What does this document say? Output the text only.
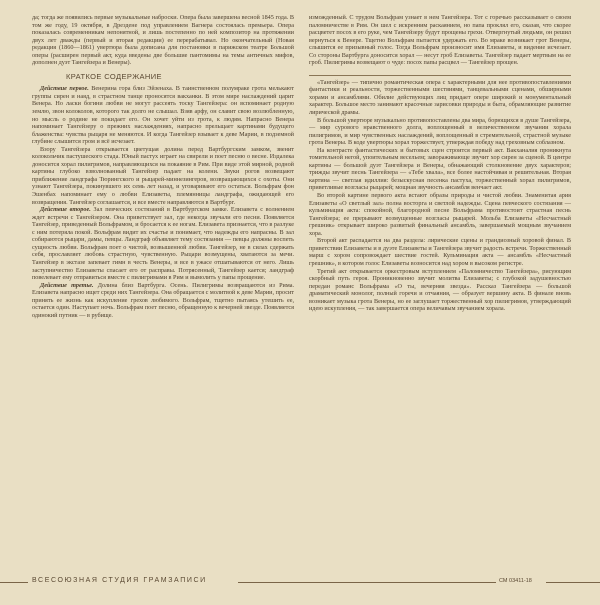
да; тогда же появились первые музыкальные наброски. Опера была завершена весной 1845 года. В том же году, 19 октября, в Дрездене под управлением Вагнера состоялась премьера. Опера показалась современникам непонятной, и лишь постепенно по ней композитор на протяжении двух лет дважды (первый и вторая редакции) ее перерабатывал. Но окончательный (Новая редакция (1860—1861) увертюра была дописана для постановки в парижском театре Большой оперы (расширен первый акт, куда введены две большие пантомимы на темы античных мифов, дополнен дуэт Тангейзера и Венеры).

КРАТКОЕ СОДЕРЖАНИЕ

Действие первое. Венерина гора близ Эйзенаха. В таинственном полумраке грота мелькают группы сирен и наяд, в страстном танце проносятся вакханки. В этом мире наслаждений царит Венера. Но ласки богини любви не могут рассеять тоску Тангейзера: он вспоминает родную землю, звон колоколов, которого так долго не слышал. Взяв арфу, он славит свою возлюбленную, но мысль о родине не покидает его. Он хочет уйти из грота, к людям. Напрасно Венера напоминает Тангейзеру о прежних наслаждениях, напрасно прельщает картинами будущего блаженства: чувства рыцаря не меняются. И когда Тангейзер взывает к деве Марии, в подземной глубине слышится гром и всё исчезает.

Взору Тангейзера открывается цветущая долина перед Вартбургским замком, звенит колокольчик пастушеского стада. Юный пастух играет на свирели и поет песню о весне. Издалека доносится хорал пилигримов, направляющихся на покаяние в Рим. При виде этой мирной, родной картины глубоко взволнованный Тангейзер падает на колени. Звуки рогов возвещают приближение ландграфа Тюрингского и рыцарей-миннезингеров, возвращающихся с охоты. Они узнают Тангейзера, покинувшего их семь лет назад, и уговаривают его остаться. Вольфрам фон Эшенбах напоминает ему о любви Елизаветы, племянницы ландграфа, ожидающей его возвращения. Тангейзер соглашается, и все вместе направляются в Вартбург.

Действие второе. Зал певческих состязаний в Вартбургском замке. Елизавета с волнением ждет встречи с Тангейзером. Она приветствует зал, где некогда звучали его песни. Появляется Тангейзер, приведенный Вольфрамом, и бросается к ее ногам. Елизавета признается, что в разлуке с ним потеряла покой. Вольфрам видит их счастье и понимает, что надежды его напрасны. В зал собираются рыцари, дамы, певцы. Ландграф объявляет тему состязания — певцы должны воспеть сущность любви. Вольфрам поет о чистой, возвышенной любви. Тангейзер, не в силах сдержать себя, прославляет любовь страстную, чувственную. Рыцари возмущены, хватаются за мечи. Тангейзер в экстазе запевает гимн в честь Венеры, и все в ужасе отшатываются от него. Лишь заступничество Елизаветы спасает его от расправы. Потрясенный, Тангейзер кается; ландграф повелевает ему отправиться вместе с пилигримами в Рим и вымолить у папы прощение.

Действие третье. Долина близ Вартбурга. Осень. Пилигримы возвращаются из Рима. Елизавета напрасно ищет среди них Тангейзера. Она обращается с молитвой к деве Марии, просит принять ее жизнь как искупление грехов любимого. Вольфрам, тщетно пытаясь утешить ее, остается один. Наступает ночь. Вольфрам поет песню, обращенную к вечерней звезде. Появляется одинокий путник — в рубище.

изможденный. С трудом Вольфрам узнает в нем Тангейзера. Тот с горечью рассказывает о своем паломничестве в Рим. Он шел с искренним раскаянием, но папа проклял его, сказав, что скорее расцветет посох в его руке, чем Тангейзеру будут прощены грехи. Отвергнутый людьми, он решил вернуться к Венере. Тщетно Вольфрам пытается удержать его. Во мраке возникает грот Венеры, слышится ее призывный голос. Тогда Вольфрам произносит имя Елизаветы, и видение исчезает. Со стороны Вартбурга доносится хорал — несут гроб Елизаветы. Тангейзер падает мертвым на ее гроб. Пилигримы возвещают о чуде: посох папы расцвел — Тангейзер прощен.

«Тангейзер» — типично романтическая опера с характерными для нее противопоставлениями фантастики и реальности, торжественными шествиями, танцевальными сценами, обширными хорами и ансамблями. Обилие действующих лиц придает опере широкий и монументальный характер. Большое место занимают красочные зарисовки природы и быта, обрамляющие развитие лирической драмы.

В большой увертюре музыкально противопоставлены два мира, борющихся в душе Тангейзера, — мир сурового нравственного долга, воплощенный в величественном звучании хорала пилигримов, и мир чувственных наслаждений, воплощенный в стремительной, страстной музыке грота Венеры. В коде увертюры хорал торжествует, утверждая победу над греховным соблазном.

На контрасте фантастических и бытовых сцен строится первый акт. Вакханалия проникнута томительной негой, упоительным весельем; завораживающе звучит хор сирен за сценой. В центре картины — большой дуэт Тангейзера и Венеры, обнажающий столкновение двух характеров; трижды звучит песнь Тангейзера — «Тебе хвала», все более настойчивая и решительная. Вторая картина — светлая идиллия: безыскусная песенка пастуха, торжественный хорал пилигримов, приветливые возгласы рыцарей; мощная звучность ансамбля венчает акт.

Во второй картине первого акта встают образы природы и чистой любви. Знаменитая ария Елизаветы «О светлый зал» полна восторга и светлой надежды. Сцена певческого состязания — кульминация акта: спокойной, благородной песне Вольфрама противостоит страстная песнь Тангейзера; ее прерывают возмущенные возгласы рыцарей. Мольба Елизаветы «Несчастный грешник» открывает широко развитый финальный ансамбль, завершаемый мощным звучанием хора.

Второй акт распадается на два раздела: лирические сцены и грандиозный хоровой финал. В приветствии Елизаветы и в дуэте Елизаветы и Тангейзера звучит радость встречи. Торжественный марш с хором сопровождает шествие гостей. Кульминация акта — ансамбль «Несчастный грешник», в котором голос Елизаветы возносится над хором в высоком регистре.

Третий акт открывается оркестровым вступлением «Паломничество Тангейзера», рисующим скорбный путь героя. Проникновенно звучит молитва Елизаветы; с глубокой задушевностью передан романс Вольфрама «О ты, вечерняя звезда». Рассказ Тангейзера — большой драматический монолог, полный горечи и отчаяния, — образует вершину акта. В финале вновь возникает музыка грота Венеры, но ее заглушает торжественный хор пилигримов, утверждающий идею искупления, — так завершается опера величавым звучанием хорала.

ВСЕСОЮЗНАЯ СТУДИЯ ГРАМЗАПИСИ	СМ 03411-18
